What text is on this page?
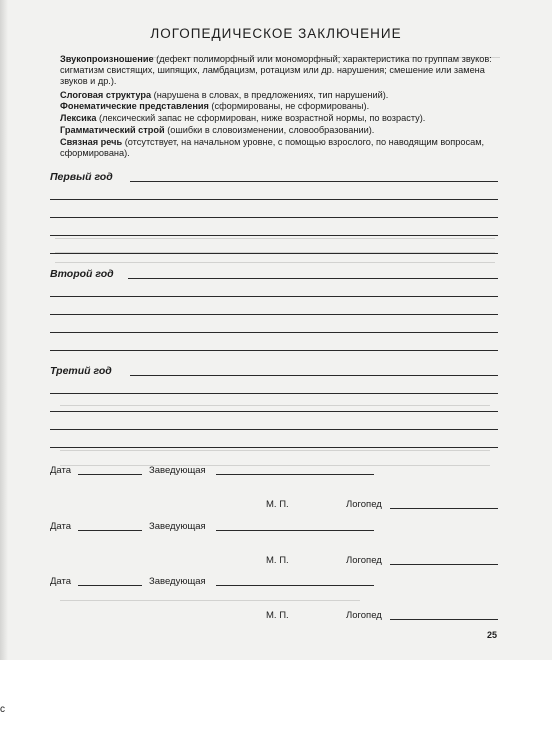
ЛОГОПЕДИЧЕСКОЕ ЗАКЛЮЧЕНИЕ
Звукопроизношение (дефект полиморфный или мономорфный; характеристика по группам звуков: сигматизм свистящих, шипящих, ламбдацизм, ротацизм или др. нарушения; смешение или замена звуков и др.).
Слоговая структура (нарушена в словах, в предложениях, тип нарушений).
Фонематические представления (сформированы, не сформированы).
Лексика (лексический запас не сформирован, ниже возрастной нормы, по возрасту).
Грамматический строй (ошибки в словоизменении, словообразовании).
Связная речь (отсутствует, на начальном уровне, с помощью взрослого, по наводящим вопросам, сформирована).
Первый год
Второй год
Третий год
Дата	Заведующая
М. П.	Логопед
Дата	Заведующая
М. П.	Логопед
Дата	Заведующая
М. П.	Логопед
25
с
